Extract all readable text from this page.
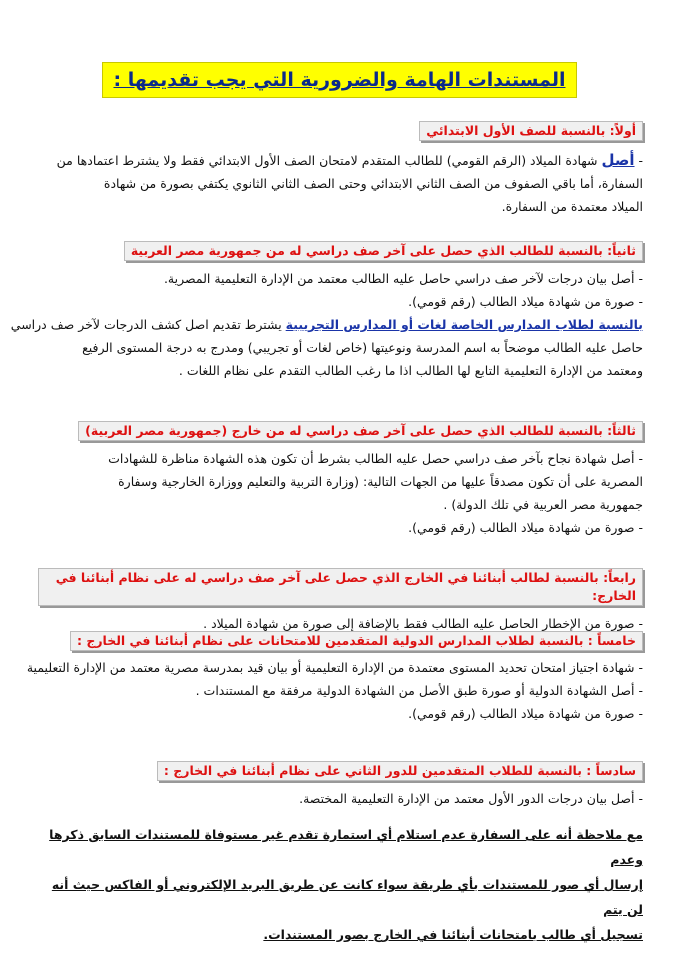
المستندات الهامة والضرورية التي يجب تقديمها :
أولاً: بالنسبة للصف الأول الابتدائي
- أصل شهادة الميلاد (الرقم القومي) للطالب المتقدم لامتحان الصف الأول الابتدائي فقط ولا يشترط اعتمادها من
السفارة، أما باقي الصفوف من الصف الثاني الابتدائي وحتى الصف الثاني الثانوي يكتفي بصورة من شهادة
الميلاد معتمدة من السفارة.
ثانياً: بالنسبة للطالب الذي حصل على آخر صف دراسي له من جمهورية مصر العربية
- أصل بيان درجات لآخر صف دراسي حاصل عليه الطالب معتمد من الإدارة التعليمية المصرية.
- صورة من شهادة ميلاد الطالب (رقم قومي).
بالنسبة لطلاب المدارس الخاصة لغات أو المدارس التجريبية يشترط تقديم اصل كشف الدرجات لآخر صف دراسي
حاصل عليه الطالب موضحاً به اسم المدرسة ونوعيتها (خاص لغات أو تجريبي) ومدرج به درجة المستوى الرفيع
ومعتمد من الإدارة التعليمية التابع لها الطالب اذا ما رغب الطالب التقدم على نظام اللغات .
ثالثاً: بالنسبة للطالب الذي حصل على آخر صف دراسي له من خارج (جمهورية مصر العربية)
- أصل شهادة نجاح بآخر صف دراسي حصل عليه الطالب بشرط أن تكون هذه الشهادة مناظرة للشهادات
المصرية على أن تكون مصدقاً عليها من الجهات التالية: (وزارة التربية والتعليم ووزارة الخارجية وسفارة
جمهورية مصر العربية في تلك الدولة) .
- صورة من شهادة ميلاد الطالب (رقم قومي).
رابعاً: بالنسبة لطالب أبنائنا في الخارج الذي حصل على آخر صف دراسي له على نظام أبنائنا في الخارج:
- صورة من الإخطار الحاصل عليه الطالب فقط بالإضافة إلى صورة من شهادة الميلاد .
خامساً : بالنسبة لطلاب المدارس الدولية المتقدمين للامتحانات على نظام أبنائنا في الخارج :
- شهادة اجتياز امتحان تحديد المستوى معتمدة من الإدارة التعليمية أو بيان قيد بمدرسة مصرية معتمد من الإدارة التعليمية
- أصل الشهادة الدولية أو صورة طبق الأصل من الشهادة الدولية مرفقة مع المستندات .
- صورة من شهادة ميلاد الطالب (رقم قومي).
سادساً : بالنسبة للطلاب المتقدمين للدور الثاني على نظام أبنائنا في الخارج :
- أصل بيان درجات الدور الأول معتمد من الإدارة التعليمية المختصة.
مع ملاحظة أنه على السفارة عدم استلام أي استمارة تقدم غير مستوفاة للمستندات السابق ذكرها وعدم
إرسال أي صور للمستندات بأي طريقة سواء كانت عن طريق البريد الإلكتروني أو الفاكس حيث أنه لن يتم
تسجيل أي طالب بامتحانات أبنائنا في الخارج بصور المستندات.
